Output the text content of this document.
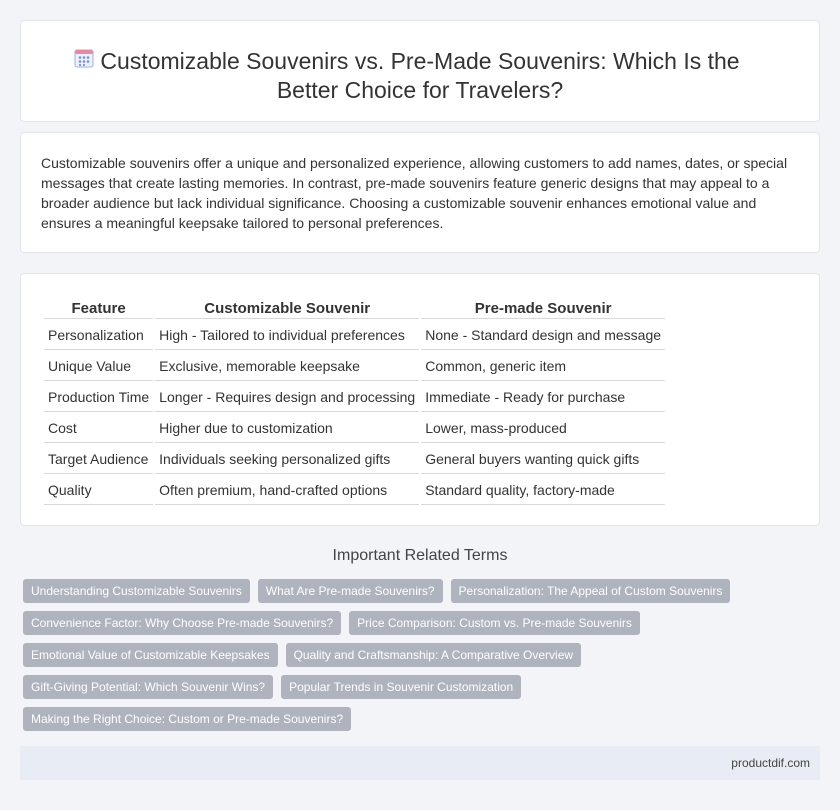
Customizable Souvenirs vs. Pre-Made Souvenirs: Which Is the Better Choice for Travelers?

Customizable souvenirs offer a unique and personalized experience, allowing customers to add names, dates, or special messages that create lasting memories. In contrast, pre-made souvenirs feature generic designs that may appeal to a broader audience but lack individual significance. Choosing a customizable souvenir enhances emotional value and ensures a meaningful keepsake tailored to personal preferences.

Feature	Customizable Souvenir	Pre-made Souvenir
Personalization	High - Tailored to individual preferences	None - Standard design and message
Unique Value	Exclusive, memorable keepsake	Common, generic item
Production Time	Longer - Requires design and processing	Immediate - Ready for purchase
Cost	Higher due to customization	Lower, mass-produced
Target Audience	Individuals seeking personalized gifts	General buyers wanting quick gifts
Quality	Often premium, hand-crafted options	Standard quality, factory-made
Important Related Terms
Understanding Customizable Souvenirs	What Are Pre-made Souvenirs?	Personalization: The Appeal of Custom Souvenirs
Convenience Factor: Why Choose Pre-made Souvenirs?	Price Comparison: Custom vs. Pre-made Souvenirs
Emotional Value of Customizable Keepsakes	Quality and Craftsmanship: A Comparative Overview
Gift-Giving Potential: Which Souvenir Wins?	Popular Trends in Souvenir Customization
Making the Right Choice: Custom or Pre-made Souvenirs?
productdif.com
